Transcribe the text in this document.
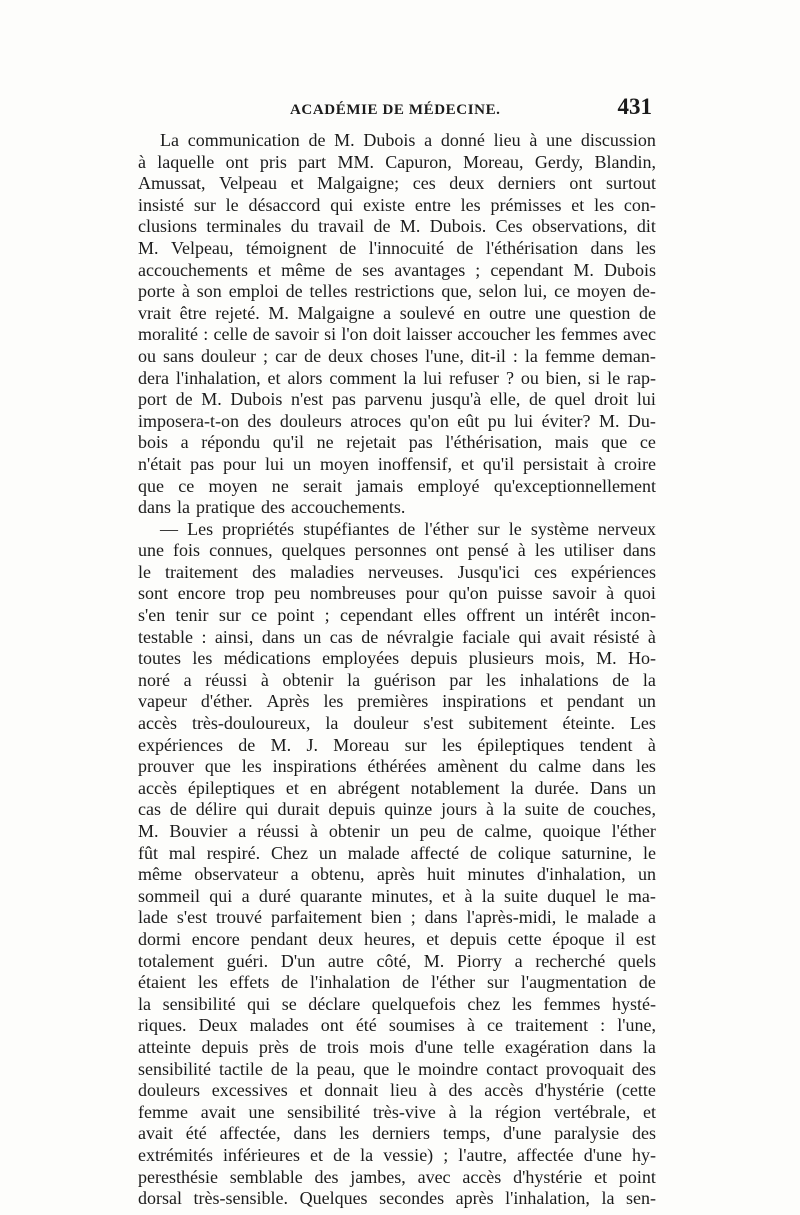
ACADÉMIE DE MÉDECINE.	431
La communication de M. Dubois a donné lieu à une discussion
à laquelle ont pris part MM. Capuron, Moreau, Gerdy, Blandin,
Amussat, Velpeau et Malgaigne; ces deux derniers ont surtout
insisté sur le désaccord qui existe entre les prémisses et les con-
clusions terminales du travail de M. Dubois. Ces observations, dit
M. Velpeau, témoignent de l'innocuité de l'éthérisation dans les
accouchements et même de ses avantages ; cependant M. Dubois
porte à son emploi de telles restrictions que, selon lui, ce moyen de-
vrait être rejeté. M. Malgaigne a soulevé en outre une question de
moralité : celle de savoir si l'on doit laisser accoucher les femmes avec
ou sans douleur ; car de deux choses l'une, dit-il : la femme deman-
dera l'inhalation, et alors comment la lui refuser ? ou bien, si le rap-
port de M. Dubois n'est pas parvenu jusqu'à elle, de quel droit lui
imposera-t-on des douleurs atroces qu'on eût pu lui éviter? M. Du-
bois a répondu qu'il ne rejetait pas l'éthérisation, mais que ce
n'était pas pour lui un moyen inoffensif, et qu'il persistait à croire
que ce moyen ne serait jamais employé qu'exceptionnellement
dans la pratique des accouchements.
— Les propriétés stupéfiantes de l'éther sur le système nerveux
une fois connues, quelques personnes ont pensé à les utiliser dans
le traitement des maladies nerveuses. Jusqu'ici ces expériences
sont encore trop peu nombreuses pour qu'on puisse savoir à quoi
s'en tenir sur ce point ; cependant elles offrent un intérêt incon-
testable : ainsi, dans un cas de névralgie faciale qui avait résisté à
toutes les médications employées depuis plusieurs mois, M. Ho-
noré a réussi à obtenir la guérison par les inhalations de la
vapeur d'éther. Après les premières inspirations et pendant un
accès très-douloureux, la douleur s'est subitement éteinte. Les
expériences de M. J. Moreau sur les épileptiques tendent à
prouver que les inspirations éthérées amènent du calme dans les
accès épileptiques et en abrégent notablement la durée. Dans un
cas de délire qui durait depuis quinze jours à la suite de couches,
M. Bouvier a réussi à obtenir un peu de calme, quoique l'éther
fût mal respiré. Chez un malade affecté de colique saturnine, le
même observateur a obtenu, après huit minutes d'inhalation, un
sommeil qui a duré quarante minutes, et à la suite duquel le ma-
lade s'est trouvé parfaitement bien ; dans l'après-midi, le malade a
dormi encore pendant deux heures, et depuis cette époque il est
totalement guéri. D'un autre côté, M. Piorry a recherché quels
étaient les effets de l'inhalation de l'éther sur l'augmentation de
la sensibilité qui se déclare quelquefois chez les femmes hysté-
riques. Deux malades ont été soumises à ce traitement : l'une,
atteinte depuis près de trois mois d'une telle exagération dans la
sensibilité tactile de la peau, que le moindre contact provoquait des
douleurs excessives et donnait lieu à des accès d'hystérie (cette
femme avait une sensibilité très-vive à la région vertébrale, et
avait été affectée, dans les derniers temps, d'une paralysie des
extrémités inférieures et de la vessie) ; l'autre, affectée d'une hy-
peresthésie semblable des jambes, avec accès d'hystérie et point
dorsal très-sensible. Quelques secondes après l'inhalation, la sen-
